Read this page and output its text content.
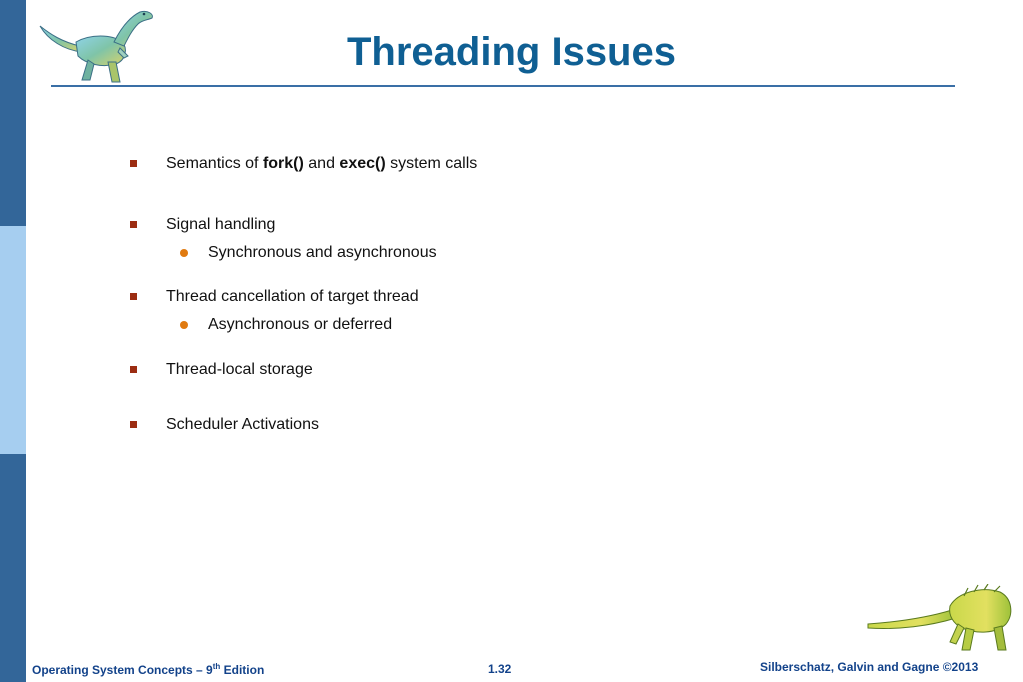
Threading Issues
Semantics of fork() and exec() system calls
Signal handling
Synchronous and asynchronous
Thread cancellation of target thread
Asynchronous or deferred
Thread-local storage
Scheduler Activations
Operating System Concepts – 9th Edition	1.32	Silberschatz, Galvin and Gagne ©2013
